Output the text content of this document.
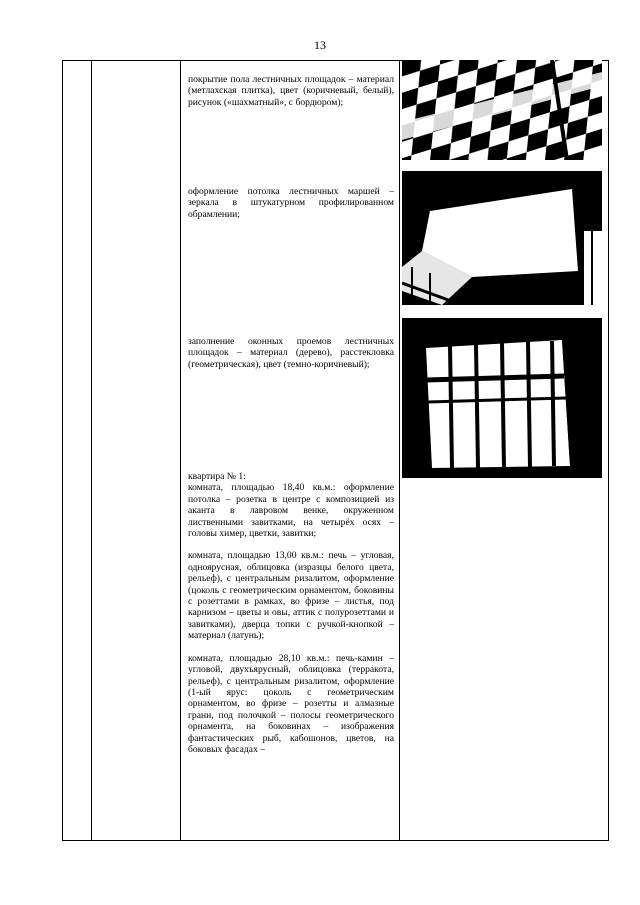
13
покрытие пола лестничных площадок – материал (метлахская плитка), цвет (коричневый, белый), рисунок («шахматный», с бордюром);
оформление потолка лестничных маршей – зеркала в штукатурном профилированном обрамлении;
заполнение оконных проемов лестничных площадок – материал (дерево), расстекловка (геометрическая), цвет (темно-коричневый);
квартира № 1:

комната, площадью 18,40 кв.м.: оформление потолка – розетка в центре с композицией из аканта в лавровом венке, окруженном лиственными завитками, на четырёх осях – головы химер, цветки, завитки;

комната, площадью 13,00 кв.м.: печь – угловая, одноярусная, облицовка (изразцы белого цвета, рельеф), с центральным ризалитом, оформление (цоколь с геометрическим орнаментом, боковины с розеттами в рамках, во фризе – листья, под карнизом – цветы и овы, аттик с полурозеттами и завитками), дверца топки с ручкой-кнопкой – материал (латунь);

комната, площадью 28,10 кв.м.: печь-камин – угловой, двухъярусный, облицовка (терракота, рельеф), с центральным ризалитом, оформление (1-ый ярус: цоколь с геометрическим орнаментом, во фризе – розетты и алмазные грани, под полочкой – полосы геометрического орнамента, на боковинах – изображения фантастических рыб, кабошонов, цветов, на боковых фасадах –
